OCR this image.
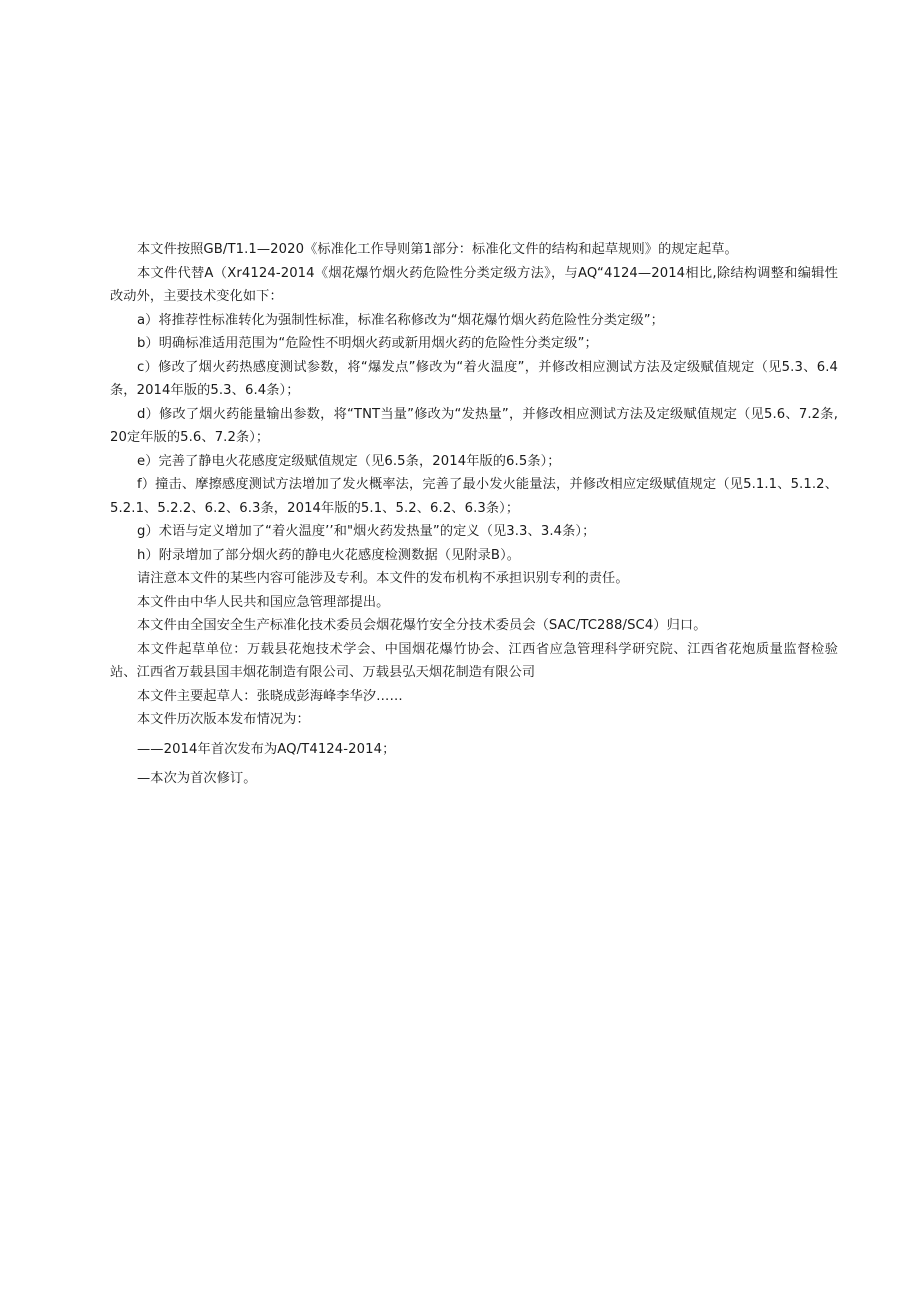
本文件按照GB/T1.1—2020《标准化工作导则第1部分：标准化文件的结构和起草规则》的规定起草。

本文件代替A（Xr4124-2014《烟花爆竹烟火药危险性分类定级方法》，与AQ“4124—2014相比,除结构调整和编辑性改动外，主要技术变化如下：

a）将推荐性标准转化为强制性标准，标准名称修改为“烟花爆竹烟火药危险性分类定级”；

b）明确标准适用范围为“危险性不明烟火药或新用烟火药的危险性分类定级”；

c）修改了烟火药热感度测试参数，将“爆发点”修改为“着火温度”，并修改相应测试方法及定级赋值规定（见5.3、6.4条，2014年版的5.3、6.4条）；

d）修改了烟火药能量输出参数，将“TNT当量”修改为“发热量”，并修改相应测试方法及定级赋值规定（见5.6、7.2条,20定年版的5.6、7.2条）；

e）完善了静电火花感度定级赋值规定（见6.5条，2014年版的6.5条）；

f）撞击、摩擦感度测试方法增加了发火概率法，完善了最小发火能量法，并修改相应定级赋值规定（见5.1.1、5.1.2、5.2.1、5.2.2、6.2、6.3条，2014年版的5.1、5.2、6.2、6.3条）；

g）术语与定义增加了“着火温度’’和"烟火药发热量”的定义（见3.3、3.4条）；

h）附录增加了部分烟火药的静电火花感度检测数据（见附录B）。

请注意本文件的某些内容可能涉及专利。本文件的发布机构不承担识别专利的责任。

本文件由中华人民共和国应急管理部提出。

本文件由全国安全生产标准化技术委员会烟花爆竹安全分技术委员会（SAC/TC288/SC4）归口。

本文件起草单位：万载县花炮技术学会、中国烟花爆竹协会、江西省应急管理科学研究院、江西省花炮质量监督检验站、江西省万载县国丰烟花制造有限公司、万载县弘天烟花制造有限公司

本文件主要起草人：张晓成彭海峰李华汐……

本文件历次版本发布情况为：

——2014年首次发布为AQ/T4124-2014；

—本次为首次修订。
